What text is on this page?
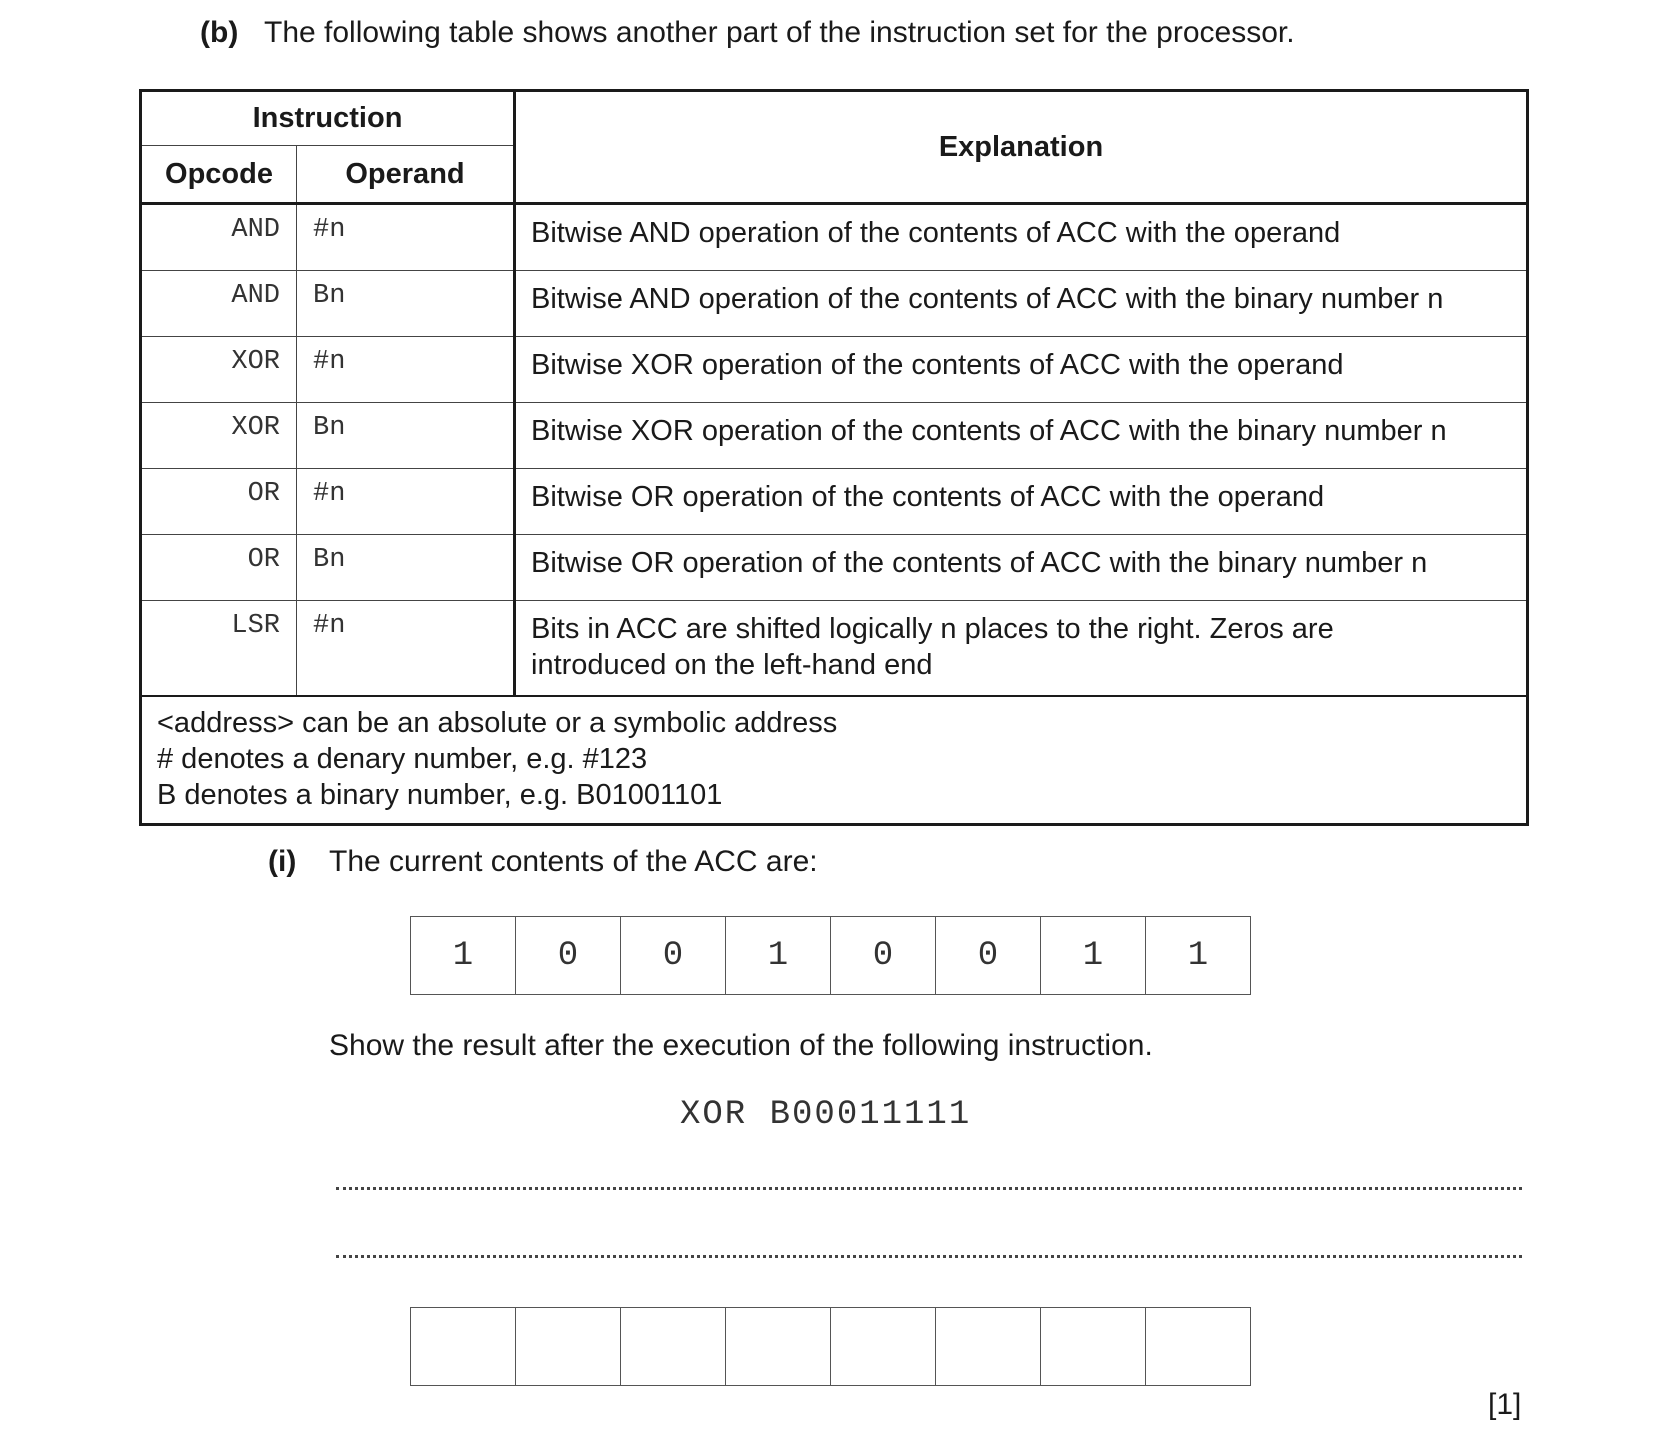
(b) The following table shows another part of the instruction set for the processor.
Instruction		Explanation
Opcode	Operand	
AND	#n	Bitwise AND operation of the contents of ACC with the operand
AND	Bn	Bitwise AND operation of the contents of ACC with the binary number n
XOR	#n	Bitwise XOR operation of the contents of ACC with the operand
XOR	Bn	Bitwise XOR operation of the contents of ACC with the binary number n
OR	#n	Bitwise OR operation of the contents of ACC with the operand
OR	Bn	Bitwise OR operation of the contents of ACC with the binary number n
LSR	#n	Bits in ACC are shifted logically n places to the right. Zeros are
introduced on the left-hand end

<address> can be an absolute or a symbolic address
# denotes a denary number, e.g. #123
B denotes a binary number, e.g. B01001101		
(i) The current contents of the ACC are:
1	0	0	1	0	0	1	1
Show the result after the execution of the following instruction.
XOR B00011111
[1]
